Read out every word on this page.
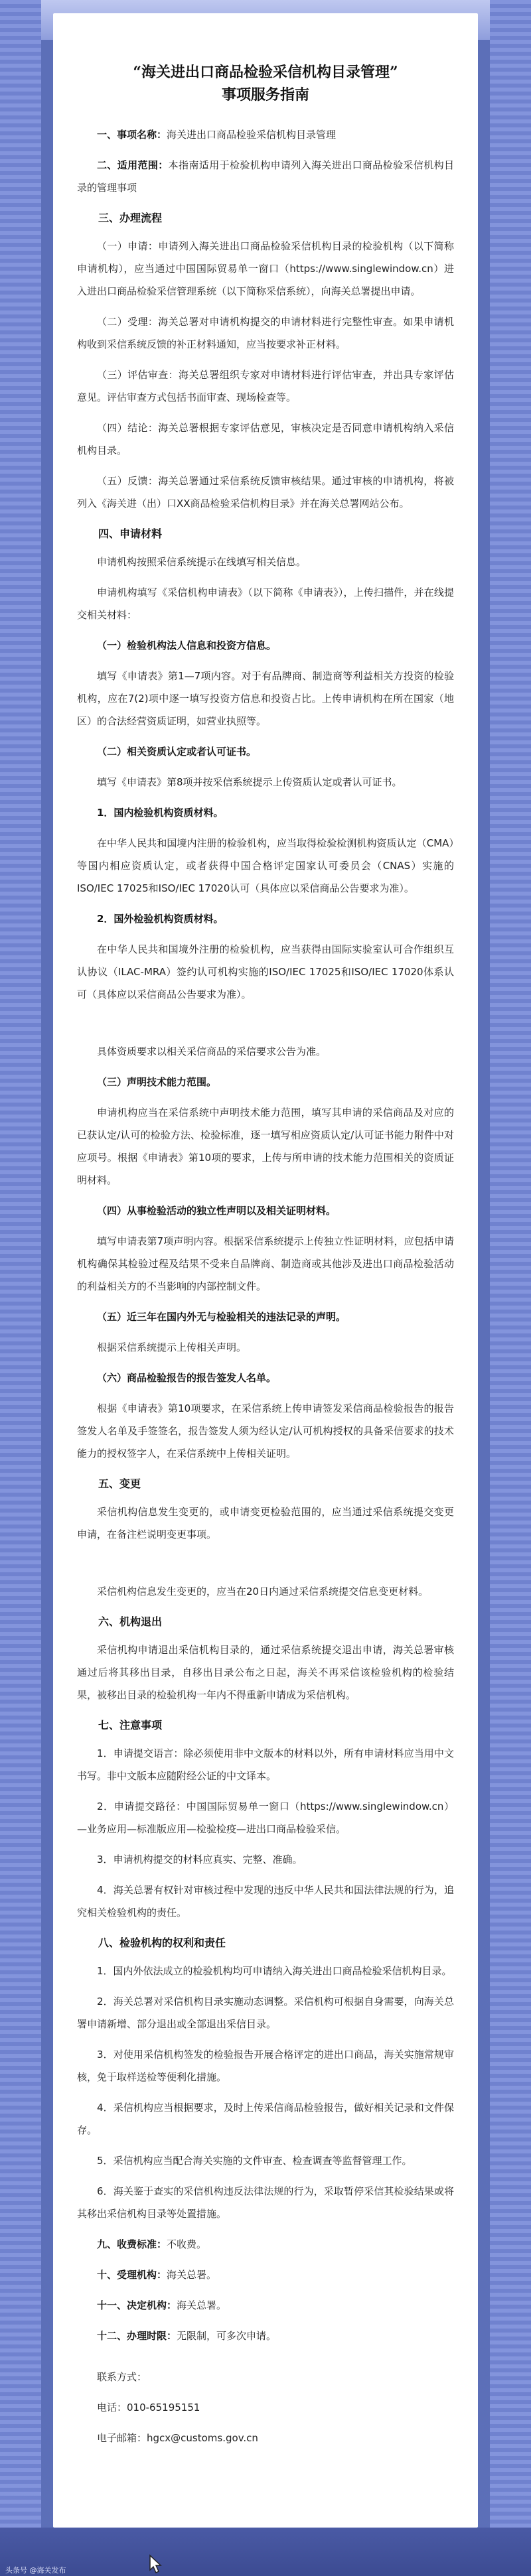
“海关进出口商品检验采信机构目录管理”
事项服务指南

一、事项名称：海关进出口商品检验采信机构目录管理

二、适用范围：本指南适用于检验机构申请列入海关进出口商品检验采信机构目录的管理事项

三、办理流程

（一）申请：申请列入海关进出口商品检验采信机构目录的检验机构（以下简称申请机构），应当通过中国国际贸易单一窗口（https://www.singlewindow.cn）进入进出口商品检验采信管理系统（以下简称采信系统），向海关总署提出申请。

（二）受理：海关总署对申请机构提交的申请材料进行完整性审查。如果申请机构收到采信系统反馈的补正材料通知，应当按要求补正材料。

（三）评估审查：海关总署组织专家对申请材料进行评估审查，并出具专家评估意见。评估审查方式包括书面审查、现场检查等。

（四）结论：海关总署根据专家评估意见，审核决定是否同意申请机构纳入采信机构目录。

（五）反馈：海关总署通过采信系统反馈审核结果。通过审核的申请机构，将被列入《海关进（出）口XX商品检验采信机构目录》并在海关总署网站公布。

四、申请材料

申请机构按照采信系统提示在线填写相关信息。

申请机构填写《采信机构申请表》（以下简称《申请表》），上传扫描件，并在线提交相关材料：

（一）检验机构法人信息和投资方信息。

填写《申请表》第1—7项内容。对于有品牌商、制造商等利益相关方投资的检验机构，应在7(2)项中逐一填写投资方信息和投资占比。上传申请机构在所在国家（地区）的合法经营资质证明，如营业执照等。

（二）相关资质认定或者认可证书。

填写《申请表》第8项并按采信系统提示上传资质认定或者认可证书。

1．国内检验机构资质材料。

在中华人民共和国境内注册的检验机构，应当取得检验检测机构资质认定（CMA）等国内相应资质认定，或者获得中国合格评定国家认可委员会（CNAS）实施的ISO/IEC 17025和ISO/IEC 17020认可（具体应以采信商品公告要求为准）。

2．国外检验机构资质材料。

在中华人民共和国境外注册的检验机构，应当获得由国际实验室认可合作组织互认协议（ILAC-MRA）签约认可机构实施的ISO/IEC 17025和ISO/IEC 17020体系认可（具体应以采信商品公告要求为准）。

具体资质要求以相关采信商品的采信要求公告为准。

（三）声明技术能力范围。

申请机构应当在采信系统中声明技术能力范围，填写其申请的采信商品及对应的已获认定/认可的检验方法、检验标准，逐一填写相应资质认定/认可证书能力附件中对应项号。根据《申请表》第10项的要求，上传与所申请的技术能力范围相关的资质证明材料。

（四）从事检验活动的独立性声明以及相关证明材料。

填写申请表第7项声明内容。根据采信系统提示上传独立性证明材料，应包括申请机构确保其检验过程及结果不受来自品牌商、制造商或其他涉及进出口商品检验活动的利益相关方的不当影响的内部控制文件。

（五）近三年在国内外无与检验相关的违法记录的声明。

根据采信系统提示上传相关声明。

（六）商品检验报告的报告签发人名单。

根据《申请表》第10项要求，在采信系统上传申请签发采信商品检验报告的报告签发人名单及手签签名，报告签发人须为经认定/认可机构授权的具备采信要求的技术能力的授权签字人，在采信系统中上传相关证明。

五、变更

采信机构信息发生变更的，或申请变更检验范围的，应当通过采信系统提交变更申请，在备注栏说明变更事项。

采信机构信息发生变更的，应当在20日内通过采信系统提交信息变更材料。

六、机构退出

采信机构申请退出采信机构目录的，通过采信系统提交退出申请，海关总署审核通过后将其移出目录，自移出目录公布之日起，海关不再采信该检验机构的检验结果，被移出目录的检验机构一年内不得重新申请成为采信机构。

七、注意事项

1．申请提交语言：除必须使用非中文版本的材料以外，所有申请材料应当用中文书写。非中文版本应随附经公证的中文译本。

2．申请提交路径：中国国际贸易单一窗口（https://www.singlewindow.cn）—业务应用—标准版应用—检验检疫—进出口商品检验采信。

3．申请机构提交的材料应真实、完整、准确。

4．海关总署有权针对审核过程中发现的违反中华人民共和国法律法规的行为，追究相关检验机构的责任。

八、检验机构的权利和责任

1．国内外依法成立的检验机构均可申请纳入海关进出口商品检验采信机构目录。

2．海关总署对采信机构目录实施动态调整。采信机构可根据自身需要，向海关总署申请新增、部分退出或全部退出采信目录。

3．对使用采信机构签发的检验报告开展合格评定的进出口商品，海关实施常规审核，免于取样送检等便利化措施。

4．采信机构应当根据要求，及时上传采信商品检验报告，做好相关记录和文件保存。

5．采信机构应当配合海关实施的文件审查、检查调查等监督管理工作。

6．海关鉴于查实的采信机构违反法律法规的行为，采取暂停采信其检验结果或将其移出采信机构目录等处置措施。

九、收费标准：不收费。

十、受理机构：海关总署。

十一、决定机构：海关总署。

十二、办理时限：无限制，可多次申请。

联系方式：

电话：010-65195151

电子邮箱：hgcx@customs.gov.cn

头条号 @海关发布
